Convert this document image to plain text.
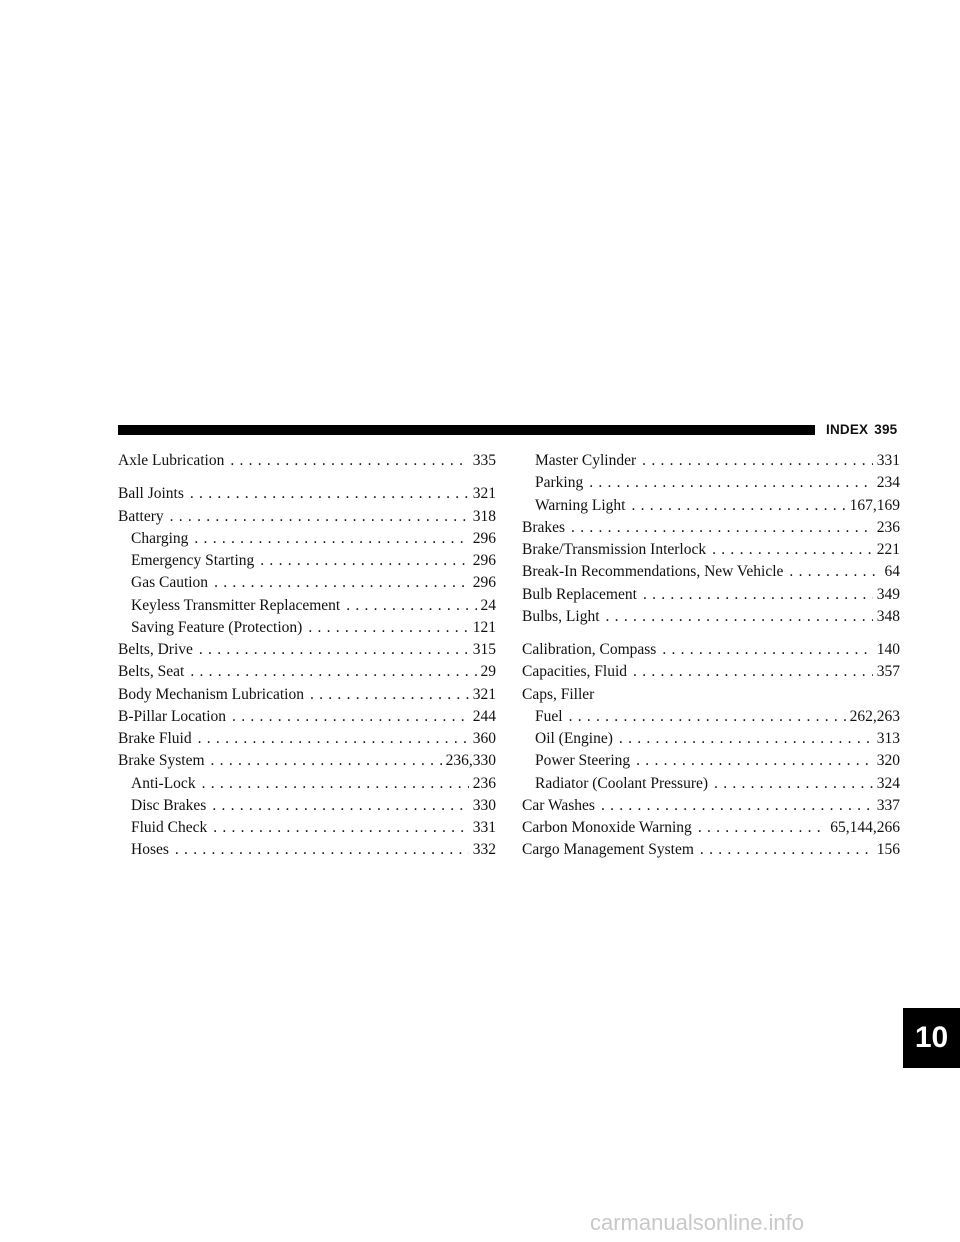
INDEX 395
Axle Lubrication . . .	335
Ball Joints . . .	321
Battery . . .	318
Charging . . .	296
Emergency Starting . . .	296
Gas Caution . . .	296
Keyless Transmitter Replacement . . .	24
Saving Feature (Protection) . . .	121
Belts, Drive . . .	315
Belts, Seat . . .	29
Body Mechanism Lubrication . . .	321
B-Pillar Location . . .	244
Brake Fluid . . .	360
Brake System . . .	236,330
Anti-Lock . . .	236
Disc Brakes . . .	330
Fluid Check . . .	331
Hoses . . .	332
Master Cylinder . . .	331
Parking . . .	234
Warning Light . . .	167,169
Brakes . . .	236
Brake/Transmission Interlock . . .	221
Break-In Recommendations, New Vehicle . . .	64
Bulb Replacement . . .	349
Bulbs, Light . . .	348
Calibration, Compass . . .	140
Capacities, Fluid . . .	357
Caps, Filler
Fuel . . .	262,263
Oil (Engine) . . .	313
Power Steering . . .	320
Radiator (Coolant Pressure) . . .	324
Car Washes . . .	337
Carbon Monoxide Warning . . .	65,144,266
Cargo Management System . . .	156
10
carmanualsonline.info
